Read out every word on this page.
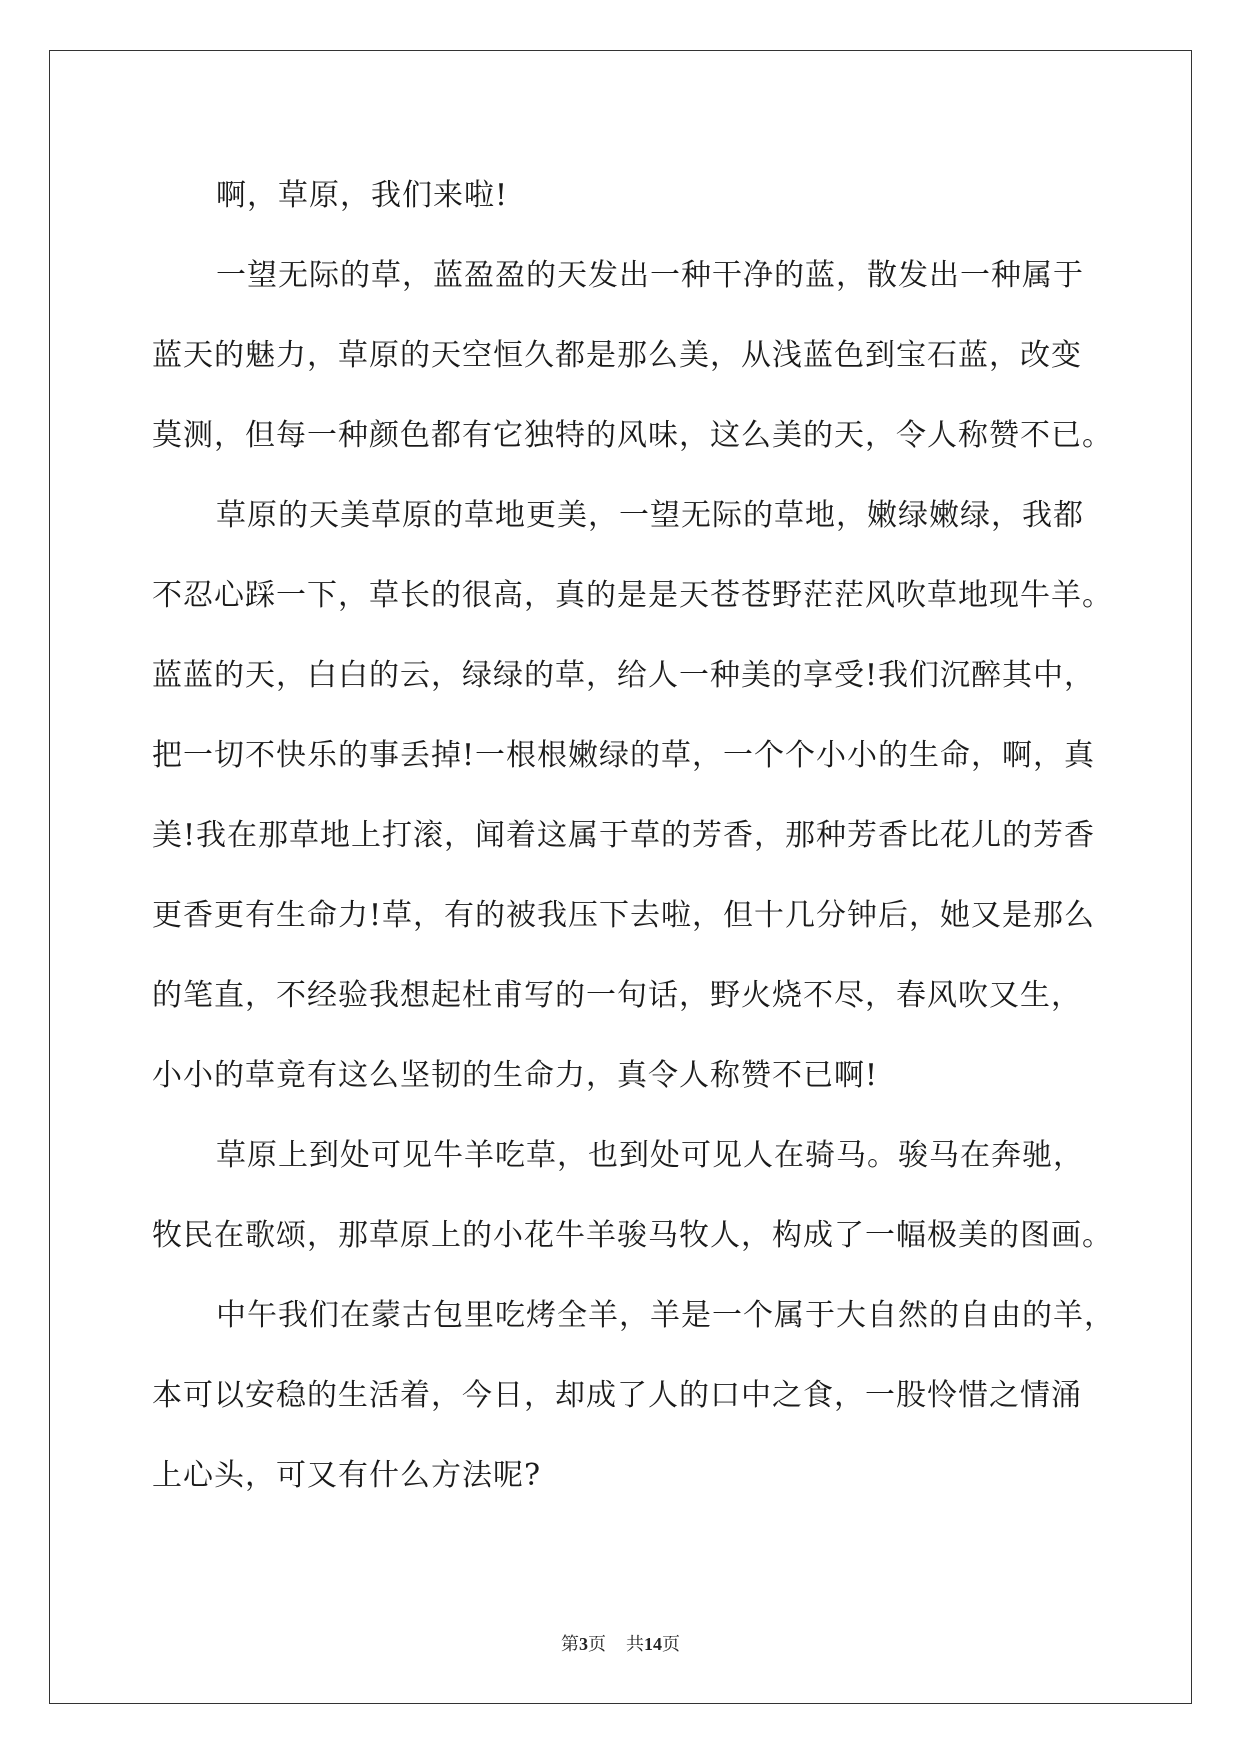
啊，草原，我们来啦!
一望无际的草，蓝盈盈的天发出一种干净的蓝，散发出一种属于
蓝天的魅力，草原的天空恒久都是那么美，从浅蓝色到宝石蓝，改变
莫测，但每一种颜色都有它独特的风味，这么美的天，令人称赞不已。
草原的天美草原的草地更美，一望无际的草地，嫩绿嫩绿，我都
不忍心踩一下，草长的很高，真的是是天苍苍野茫茫风吹草地现牛羊。
蓝蓝的天，白白的云，绿绿的草，给人一种美的享受!我们沉醉其中，
把一切不快乐的事丢掉!一根根嫩绿的草，一个个小小的生命，啊，真
美!我在那草地上打滚，闻着这属于草的芳香，那种芳香比花儿的芳香
更香更有生命力!草，有的被我压下去啦，但十几分钟后，她又是那么
的笔直，不经验我想起杜甫写的一句话，野火烧不尽，春风吹又生，
小小的草竟有这么坚韧的生命力，真令人称赞不已啊!
草原上到处可见牛羊吃草，也到处可见人在骑马。骏马在奔驰，
牧民在歌颂，那草原上的小花牛羊骏马牧人，构成了一幅极美的图画。
中午我们在蒙古包里吃烤全羊，羊是一个属于大自然的自由的羊，
本可以安稳的生活着，今日，却成了人的口中之食，一股怜惜之情涌
上心头，可又有什么方法呢?
第3页 共14页
